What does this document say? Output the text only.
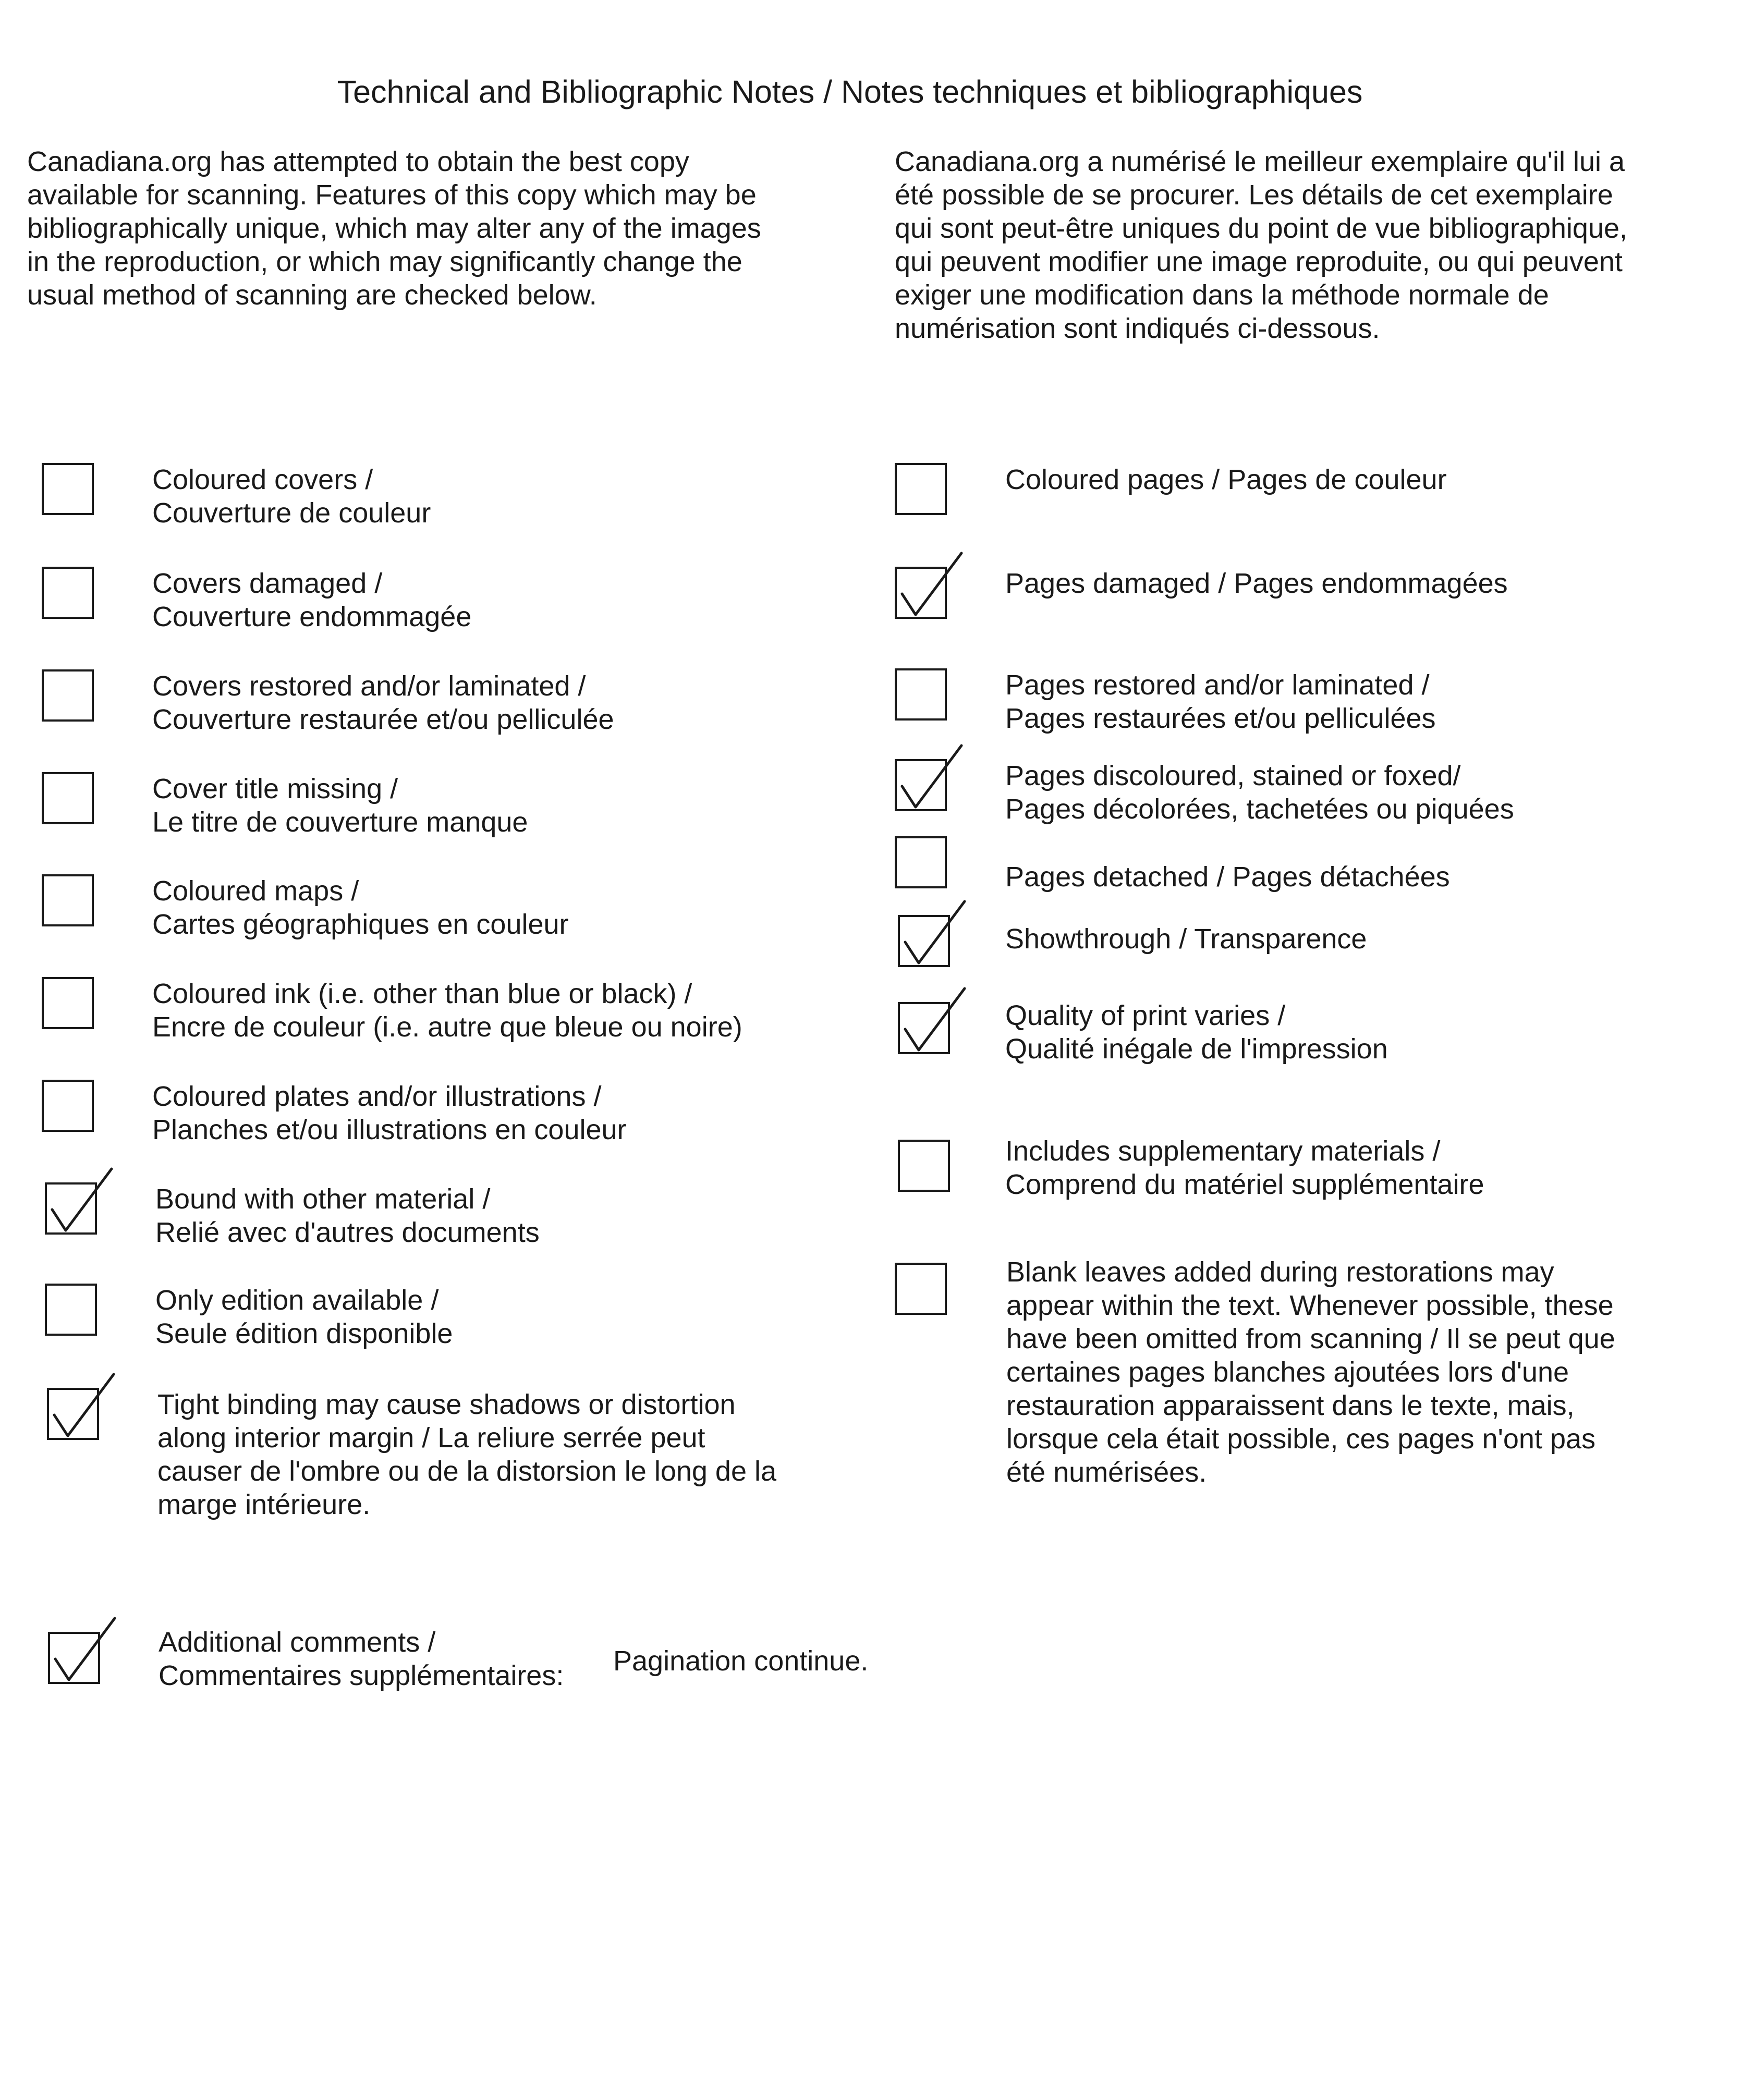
Technical and Bibliographic Notes / Notes techniques et bibliographiques
Canadiana.org has attempted to obtain the best copy
available for scanning. Features of this copy which may be
bibliographically unique, which may alter any of the images
in the reproduction, or which may significantly change the
usual method of scanning are checked below.
Canadiana.org a numérisé le meilleur exemplaire qu'il lui a
été possible de se procurer. Les détails de cet exemplaire
qui sont peut-être uniques du point de vue bibliographique,
qui peuvent modifier une image reproduite, ou qui peuvent
exiger une modification dans la méthode normale de
numérisation sont indiqués ci-dessous.
Coloured covers /
Couverture de couleur
Covers damaged /
Couverture endommagée
Covers restored and/or laminated /
Couverture restaurée et/ou pelliculée
Cover title missing /
Le titre de couverture manque
Coloured maps /
Cartes géographiques en couleur
Coloured ink (i.e. other than blue or black) /
Encre de couleur (i.e. autre que bleue ou noire)
Coloured plates and/or illustrations /
Planches et/ou illustrations en couleur
Bound with other material /
Relié avec d'autres documents
Only edition available /
Seule édition disponible
Tight binding may cause shadows or distortion
along interior margin / La reliure serrée peut
causer de l'ombre ou de la distorsion le long de la
marge intérieure.
Coloured pages / Pages de couleur
Pages damaged / Pages endommagées
Pages restored and/or laminated /
Pages restaurées et/ou pelliculées
Pages discoloured, stained or foxed/
Pages décolorées, tachetées ou piquées
Pages detached / Pages détachées
Showthrough / Transparence
Quality of print varies /
Qualité inégale de l'impression
Includes supplementary materials /
Comprend du matériel supplémentaire
Blank leaves added during restorations may
appear within the text. Whenever possible, these
have been omitted from scanning / Il se peut que
certaines pages blanches ajoutées lors d'une
restauration apparaissent dans le texte, mais,
lorsque cela était possible, ces pages n'ont pas
été numérisées.
Additional comments /
Commentaires supplémentaires:	Pagination continue.
